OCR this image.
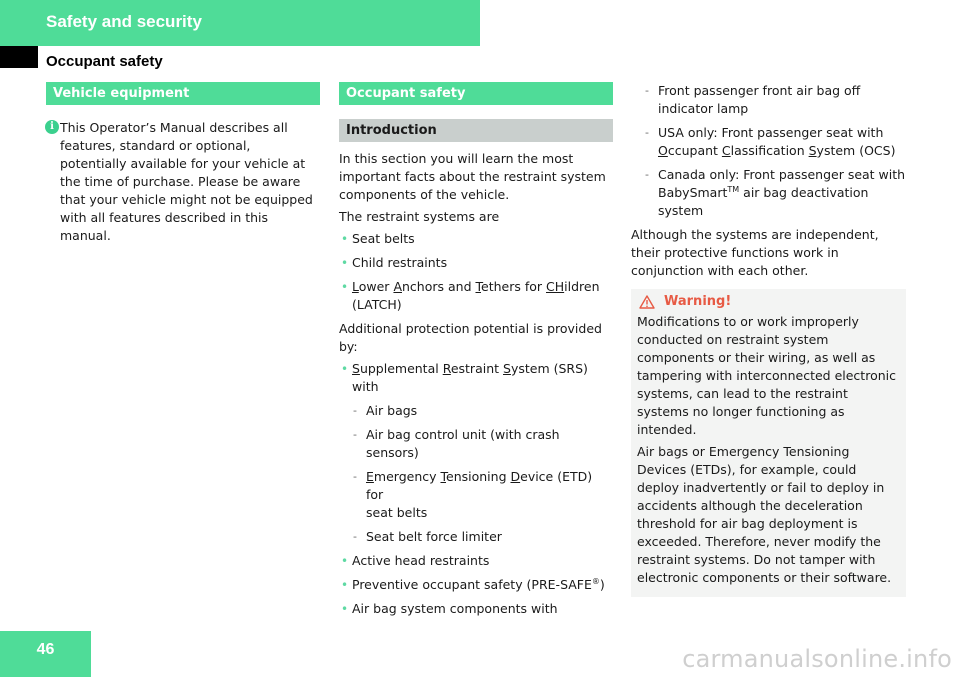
Safety and security
Occupant safety
Vehicle equipment
i This Operator’s Manual describes all features, standard or optional, potentially available for your vehicle at the time of purchase. Please be aware that your vehicle might not be equipped with all features described in this manual.
Occupant safety
Introduction

In this section you will learn the most important facts about the restraint system components of the vehicle.

The restraint systems are

• Seat belts
• Child restraints
• Lower Anchors and Tethers for CHildren
(LATCH)

Additional protection potential is provided by:

• Supplemental Restraint System (SRS) with
- Air bags
- Air bag control unit (with crash sensors)
- Emergency Tensioning Device (ETD) for
seat belts
- Seat belt force limiter
• Active head restraints
• Preventive occupant safety (PRE-SAFE®)
• Air bag system components with
- Front passenger front air bag off indicator lamp
- USA only: Front passenger seat with
Occupant Classification System (OCS)
- Canada only: Front passenger seat with
BabySmart™ air bag deactivation
system

Although the systems are independent, their protective functions work in conjunction with each other.

Warning!

Modifications to or work improperly conducted on restraint system components or their wiring, as well as tampering with interconnected electronic systems, can lead to the restraint systems no longer functioning as intended.

Air bags or Emergency Tensioning Devices (ETDs), for example, could deploy inadvertently or fail to deploy in accidents although the deceleration threshold for air bag deployment is exceeded. Therefore, never modify the restraint systems. Do not tamper with electronic components or their software.

46	carmanualsonline.info
